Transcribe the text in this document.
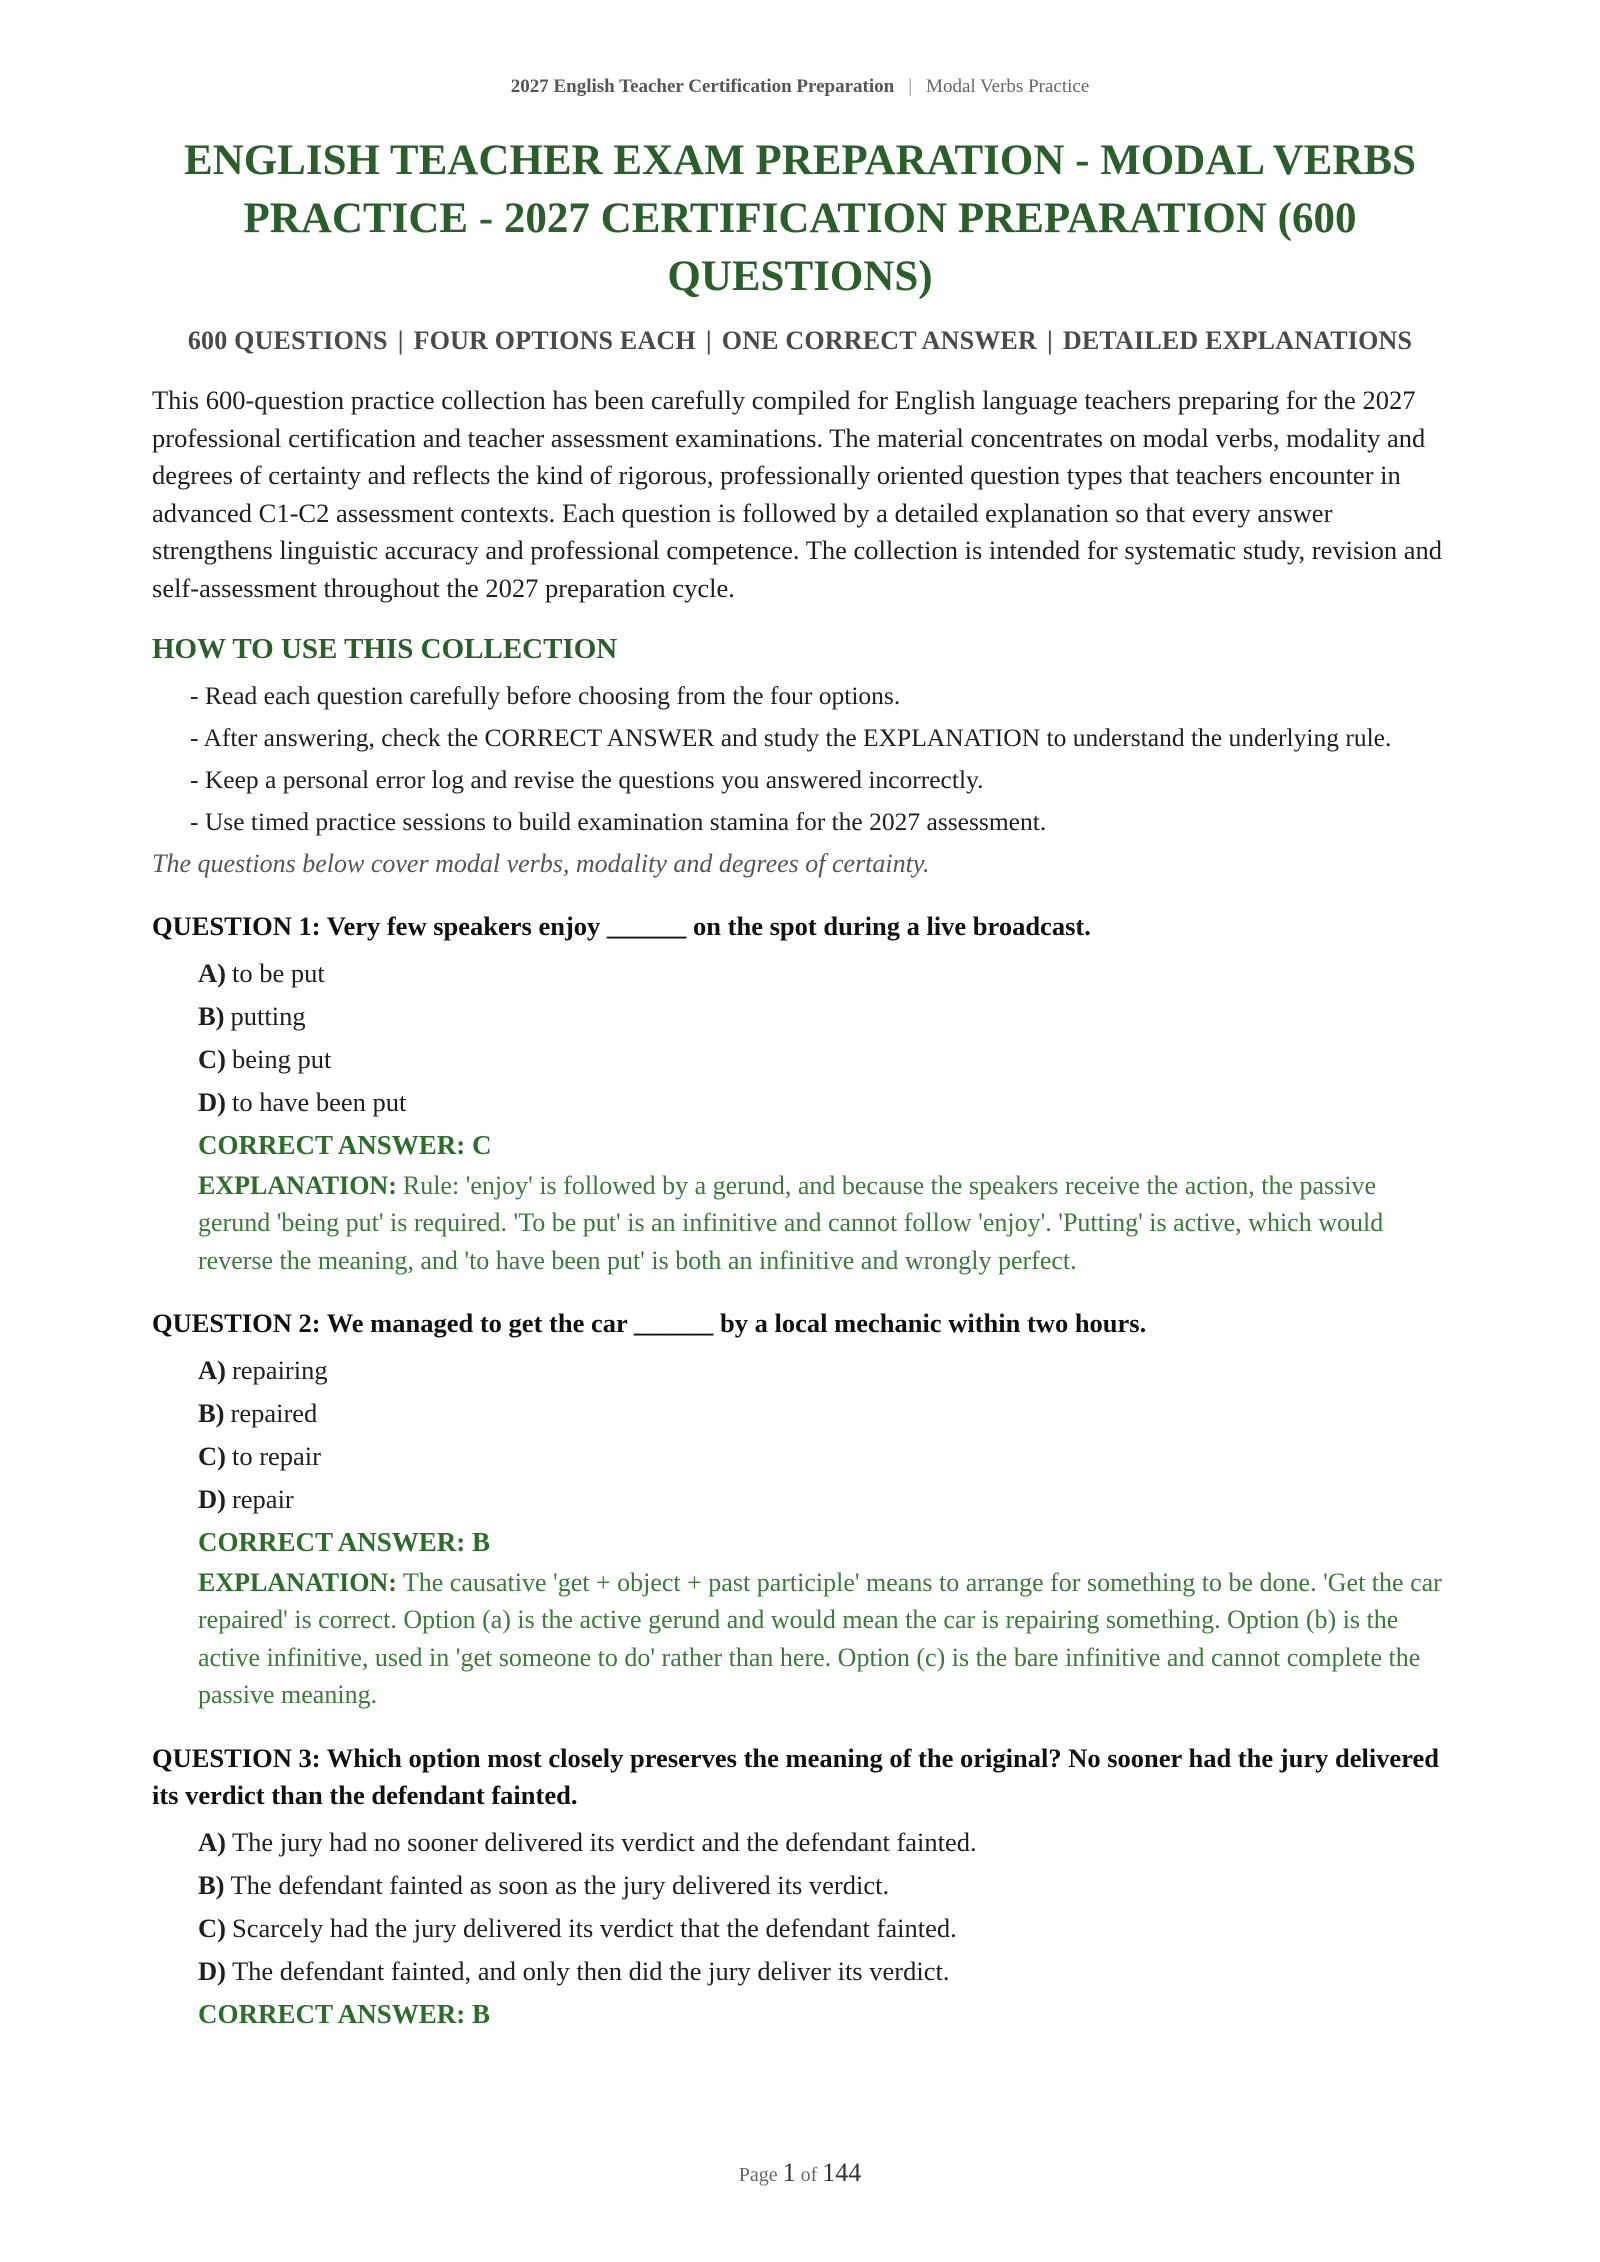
2027 English Teacher Certification Preparation | Modal Verbs Practice
ENGLISH TEACHER EXAM PREPARATION - MODAL VERBS PRACTICE - 2027 CERTIFICATION PREPARATION (600 QUESTIONS)
600 QUESTIONS | FOUR OPTIONS EACH | ONE CORRECT ANSWER | DETAILED EXPLANATIONS

This 600-question practice collection has been carefully compiled for English language teachers preparing for the 2027 professional certification and teacher assessment examinations. The material concentrates on modal verbs, modality and degrees of certainty and reflects the kind of rigorous, professionally oriented question types that teachers encounter in advanced C1-C2 assessment contexts. Each question is followed by a detailed explanation so that every answer strengthens linguistic accuracy and professional competence. The collection is intended for systematic study, revision and self-assessment throughout the 2027 preparation cycle.

HOW TO USE THIS COLLECTION
- Read each question carefully before choosing from the four options.
- After answering, check the CORRECT ANSWER and study the EXPLANATION to understand the underlying rule.
- Keep a personal error log and revise the questions you answered incorrectly.
- Use timed practice sessions to build examination stamina for the 2027 assessment.

The questions below cover modal verbs, modality and degrees of certainty.

QUESTION 1: Very few speakers enjoy ______ on the spot during a live broadcast.
A) to be put
B) putting
C) being put
D) to have been put
CORRECT ANSWER: C
EXPLANATION: Rule: 'enjoy' is followed by a gerund, and because the speakers receive the action, the passive gerund 'being put' is required. 'To be put' is an infinitive and cannot follow 'enjoy'. 'Putting' is active, which would reverse the meaning, and 'to have been put' is both an infinitive and wrongly perfect.
QUESTION 2: We managed to get the car ______ by a local mechanic within two hours.
A) repairing
B) repaired
C) to repair
D) repair
CORRECT ANSWER: B
EXPLANATION: The causative 'get + object + past participle' means to arrange for something to be done. 'Get the car repaired' is correct. Option (a) is the active gerund and would mean the car is repairing something. Option (b) is the active infinitive, used in 'get someone to do' rather than here. Option (c) is the bare infinitive and cannot complete the passive meaning.
QUESTION 3: Which option most closely preserves the meaning of the original? No sooner had the jury delivered its verdict than the defendant fainted.
A) The jury had no sooner delivered its verdict and the defendant fainted.
B) The defendant fainted as soon as the jury delivered its verdict.
C) Scarcely had the jury delivered its verdict that the defendant fainted.
D) The defendant fainted, and only then did the jury deliver its verdict.
CORRECT ANSWER: B
Page 1 of 144
